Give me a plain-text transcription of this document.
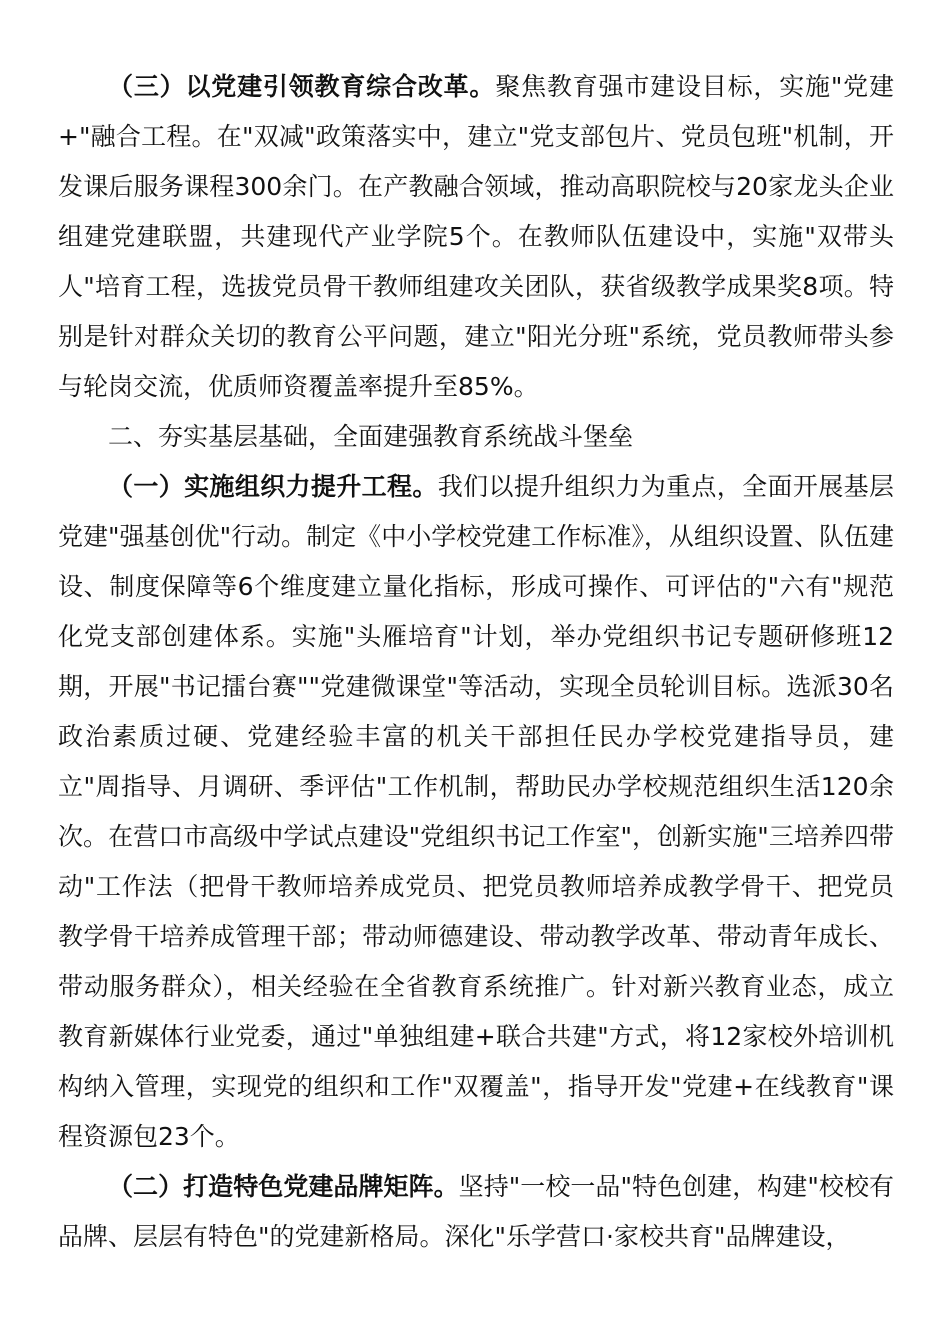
（三）以党建引领教育综合改革。聚焦教育强市建设目标，实施"党建+"融合工程。在"双减"政策落实中，建立"党支部包片、党员包班"机制，开发课后服务课程300余门。在产教融合领域，推动高职院校与20家龙头企业组建党建联盟，共建现代产业学院5个。在教师队伍建设中，实施"双带头人"培育工程，选拔党员骨干教师组建攻关团队，获省级教学成果奖8项。特别是针对群众关切的教育公平问题，建立"阳光分班"系统，党员教师带头参与轮岗交流，优质师资覆盖率提升至85%。

二、夯实基层基础，全面建强教育系统战斗堡垒

（一）实施组织力提升工程。我们以提升组织力为重点，全面开展基层党建"强基创优"行动。制定《中小学校党建工作标准》，从组织设置、队伍建设、制度保障等6个维度建立量化指标，形成可操作、可评估的"六有"规范化党支部创建体系。实施"头雁培育"计划，举办党组织书记专题研修班12期，开展"书记擂台赛""党建微课堂"等活动，实现全员轮训目标。选派30名政治素质过硬、党建经验丰富的机关干部担任民办学校党建指导员，建立"周指导、月调研、季评估"工作机制，帮助民办学校规范组织生活120余次。在营口市高级中学试点建设"党组织书记工作室"，创新实施"三培养四带动"工作法（把骨干教师培养成党员、把党员教师培养成教学骨干、把党员教学骨干培养成管理干部；带动师德建设、带动教学改革、带动青年成长、带动服务群众），相关经验在全省教育系统推广。针对新兴教育业态，成立教育新媒体行业党委，通过"单独组建+联合共建"方式，将12家校外培训机构纳入管理，实现党的组织和工作"双覆盖"，指导开发"党建+在线教育"课程资源包23个。

（二）打造特色党建品牌矩阵。坚持"一校一品"特色创建，构建"校校有品牌、层层有特色"的党建新格局。深化"乐学营口·家校共育"品牌建设，
